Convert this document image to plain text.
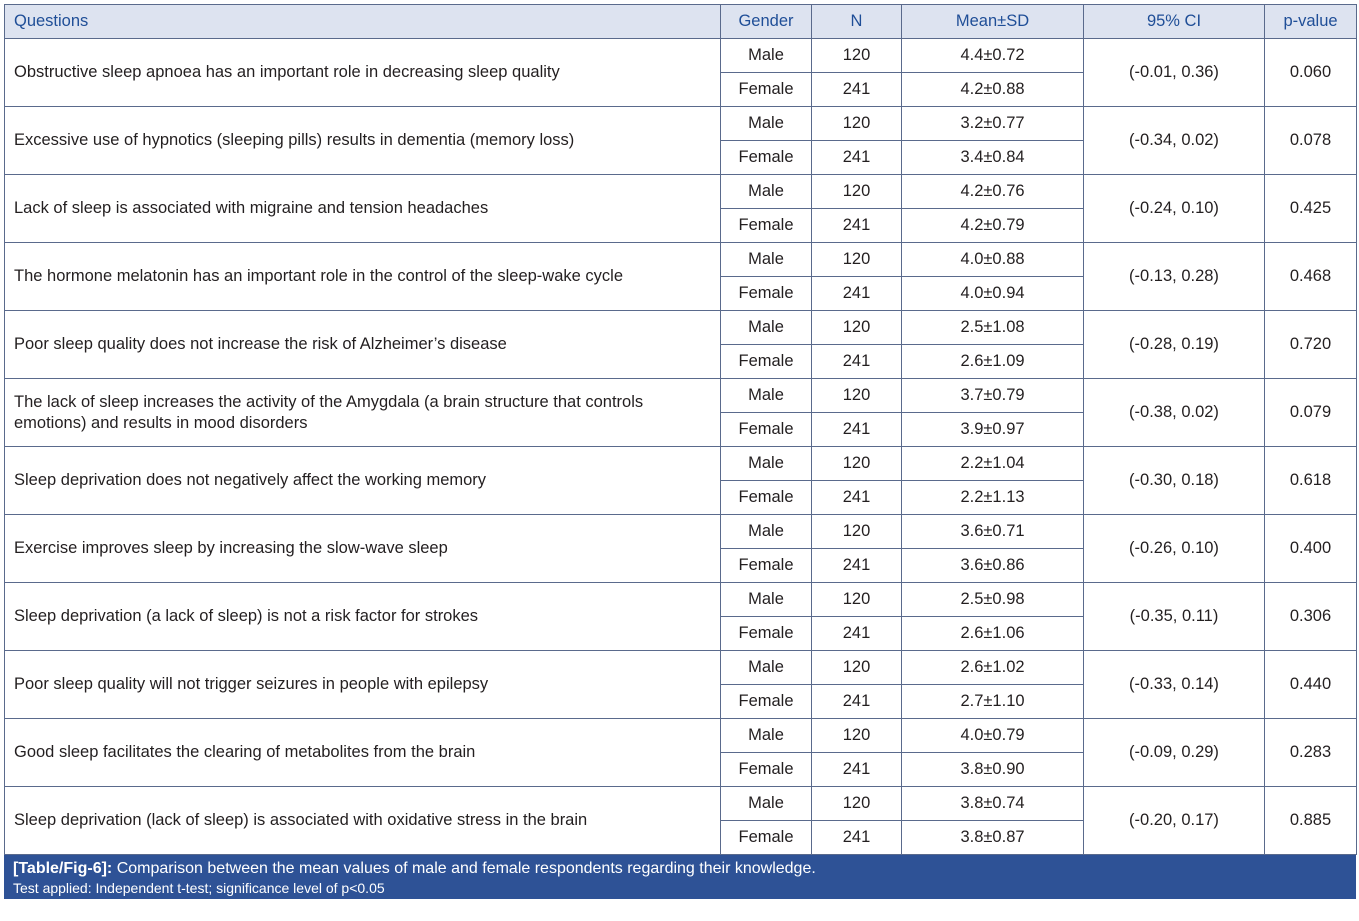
Questions	Gender	N	Mean±SD	95% CI	p-value
Obstructive sleep apnoea has an important role in decreasing sleep quality	Male	120	4.4±0.72	(-0.01, 0.36)	0.060
	Female	241	4.2±0.88		
Excessive use of hypnotics (sleeping pills) results in dementia (memory loss)	Male	120	3.2±0.77	(-0.34, 0.02)	0.078
	Female	241	3.4±0.84		
Lack of sleep is associated with migraine and tension headaches	Male	120	4.2±0.76	(-0.24, 0.10)	0.425
	Female	241	4.2±0.79		
The hormone melatonin has an important role in the control of the sleep-wake cycle	Male	120	4.0±0.88	(-0.13, 0.28)	0.468
	Female	241	4.0±0.94		
Poor sleep quality does not increase the risk of Alzheimer’s disease	Male	120	2.5±1.08	(-0.28, 0.19)	0.720
	Female	241	2.6±1.09		
The lack of sleep increases the activity of the Amygdala (a brain structure that controls emotions) and results in mood disorders	Male	120	3.7±0.79	(-0.38, 0.02)	0.079
	Female	241	3.9±0.97		
Sleep deprivation does not negatively affect the working memory	Male	120	2.2±1.04	(-0.30, 0.18)	0.618
	Female	241	2.2±1.13		
Exercise improves sleep by increasing the slow-wave sleep	Male	120	3.6±0.71	(-0.26, 0.10)	0.400
	Female	241	3.6±0.86		
Sleep deprivation (a lack of sleep) is not a risk factor for strokes	Male	120	2.5±0.98	(-0.35, 0.11)	0.306
	Female	241	2.6±1.06		
Poor sleep quality will not trigger seizures in people with epilepsy	Male	120	2.6±1.02	(-0.33, 0.14)	0.440
	Female	241	2.7±1.10		
Good sleep facilitates the clearing of metabolites from the brain	Male	120	4.0±0.79	(-0.09, 0.29)	0.283
	Female	241	3.8±0.90		
Sleep deprivation (lack of sleep) is associated with oxidative stress in the brain	Male	120	3.8±0.74	(-0.20, 0.17)	0.885
	Female	241	3.8±0.87		
[Table/Fig-6]: Comparison between the mean values of male and female respondents regarding their knowledge.
Test applied: Independent t-test; significance level of p<0.05
